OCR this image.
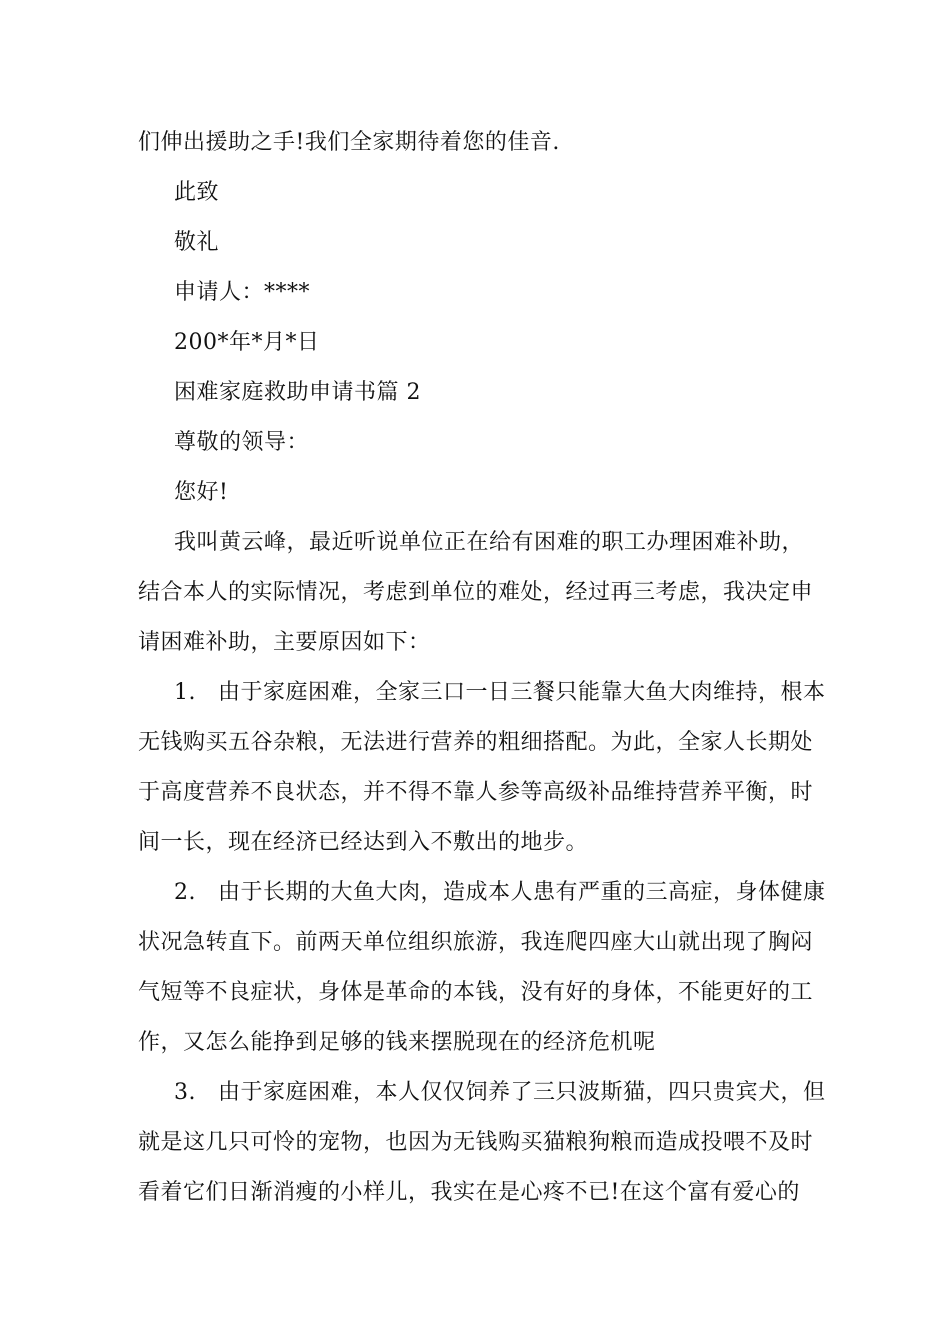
们伸出援助之手!我们全家期待着您的佳音.
此致
敬礼
申请人：****
200*年*月*日
困难家庭救助申请书篇 2
尊敬的领导：
您好!
我叫黄云峰，最近听说单位正在给有困难的职工办理困难补助，
结合本人的实际情况，考虑到单位的难处，经过再三考虑，我决定申
请困难补助，主要原因如下：
1. 由于家庭困难，全家三口一日三餐只能靠大鱼大肉维持，根本
无钱购买五谷杂粮，无法进行营养的粗细搭配。为此，全家人长期处
于高度营养不良状态，并不得不靠人参等高级补品维持营养平衡，时
间一长，现在经济已经达到入不敷出的地步。
2. 由于长期的大鱼大肉，造成本人患有严重的三高症，身体健康
状况急转直下。前两天单位组织旅游，我连爬四座大山就出现了胸闷
气短等不良症状，身体是革命的本钱，没有好的身体，不能更好的工
作，又怎么能挣到足够的钱来摆脱现在的经济危机呢
3. 由于家庭困难，本人仅仅饲养了三只波斯猫，四只贵宾犬，但
就是这几只可怜的宠物，也因为无钱购买猫粮狗粮而造成投喂不及时
看着它们日渐消瘦的小样儿，我实在是心疼不已!在这个富有爱心的
